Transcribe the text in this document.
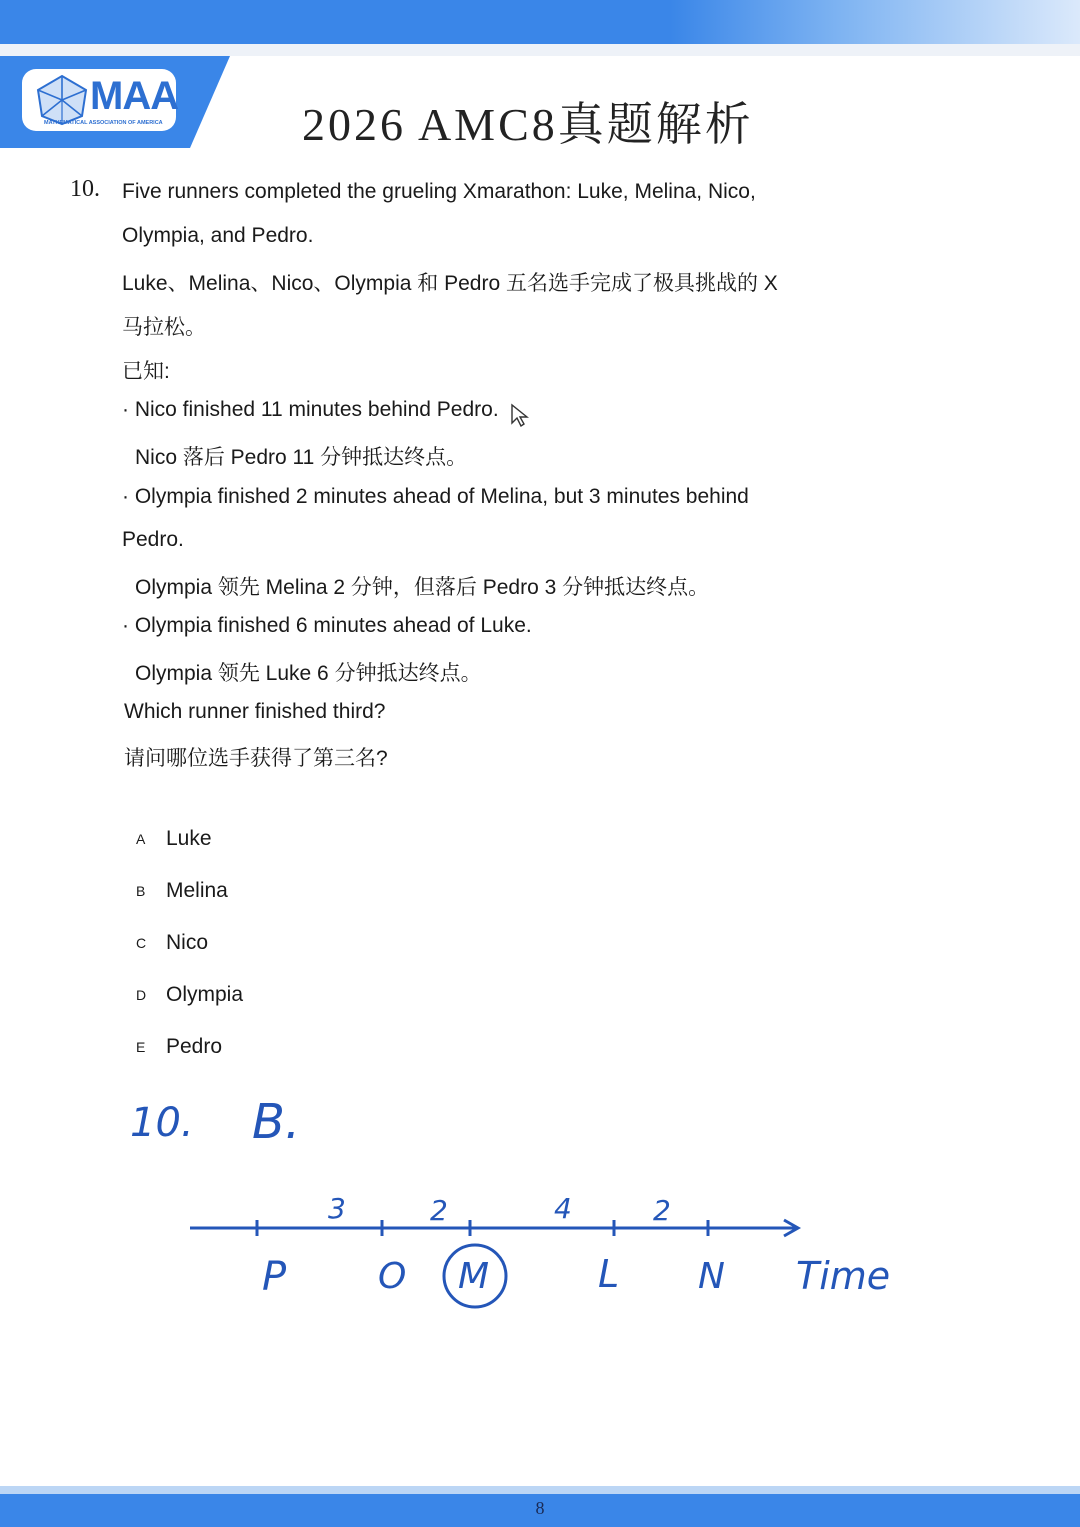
MAA
MATHEMATICAL ASSOCIATION OF AMERICA	2026 AMC8真题解析
10. Five runners completed the grueling Xmarathon: Luke, Melina, Nico,
Olympia, and Pedro.
Luke、Melina、Nico、Olympia 和 Pedro 五名选手完成了极具挑战的 X
马拉松。
已知:
· Nico finished 11 minutes behind Pedro.
Nico 落后 Pedro 11 分钟抵达终点。
· Olympia finished 2 minutes ahead of Melina, but 3 minutes behind
Pedro.
Olympia 领先 Melina 2 分钟，但落后 Pedro 3 分钟抵达终点。
· Olympia finished 6 minutes ahead of Luke.
Olympia 领先 Luke 6 分钟抵达终点。
Which runner finished third?
请问哪位选手获得了第三名?
A Luke
B Melina
C Nico
D Olympia
E Pedro
10. B.
3	2	4	2
P	O M	L N Time
8
